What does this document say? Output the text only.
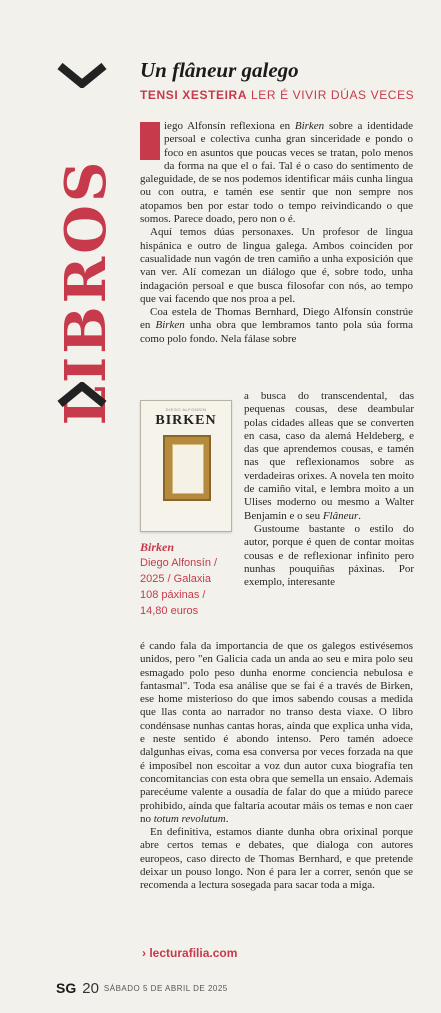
LIBROS
Un flâneur galego
TENSI XESTEIRA LER É VIVIR DÚAS VECES

iego Alfonsín reflexiona en Birken sobre a identidade persoal e colectiva cunha gran sinceridade e pondo o foco en asuntos que poucas veces se tratan, polo menos da forma na que el o fai. Tal é o caso do sentimento de galeguidade, de se nos podemos identificar máis cunha lingua ou con outra, e tamén ese sentir que non sempre nos atopamos ben por estar todo o tempo reivindicando o que somos. Parece doado, pero non o é.

Aquí temos dúas personaxes. Un profesor de lingua hispánica e outro de lingua galega. Ambos coinciden por casualidade nun vagón de tren camiño a unha exposición que van ver. Alí comezan un diálogo que é, sobre todo, unha indagación persoal e que busca filosofar con nós, ao tempo que vai facendo que nos proa a pel.

Coa estela de Thomas Bernhard, Diego Alfonsín constrúe en Birken unha obra que lembramos tanto pola súa forma como polo fondo. Nela fálase sobre

a busca do transcendental, das pequenas cousas, dese deambular polas cidades alleas que se converten en casa, caso da alemá Heldeberg, e das que aprendemos cousas, e tamén nas que reflexionamos sobre as verdadeiras orixes. A novela ten moito de camiño vital, e lembra moito a un Ulises moderno ou mesmo a Walter Benjamin e o seu Flâneur.

Gustoume bastante o estilo do autor, porque é quen de contar moitas cousas e de reflexionar infinito pero nunhas pouquiñas páxinas. Por exemplo, interesante

DIEGO ALFONSÍN
BIRKEN
Birken
Diego Alfonsín /
2025 / Galaxia
108 páxinas /
14,80 euros

é cando fala da importancia de que os galegos estivésemos unidos, pero "en Galicia cada un anda ao seu e mira polo seu esmagado polo peso dunha enorme conciencia nebulosa e fantasmal". Toda esa análise que se fai é a través de Birken, ese home misterioso do que imos sabendo cousas a medida que llas conta ao narrador no transo desta viaxe. O libro condénsase nunhas cantas horas, aínda que explica unha vida, e neste sentido é abondo intenso. Pero tamén adoece dalgunhas eivas, coma esa conversa por veces forzada na que é imposíbel non escoitar a voz dun autor cuxa biografía ten concomitancias con esta obra que semella un ensaio. Ademais parecéume valente a ousadía de falar do que a miúdo parece prohibido, aínda que faltaría acoutar máis os temas e non caer no totum revolutum.

En definitiva, estamos diante dunha obra orixinal porque abre certos temas e debates, que dialoga con autores europeos, caso directo de Thomas Bernhard, e que pretende deixar un pouso longo. Non é para ler a correr, senón que se recomenda a lectura sosegada para sacar toda a miga.

› lecturafilia.com
SG 20 SÁBADO 5 DE ABRIL DE 2025
